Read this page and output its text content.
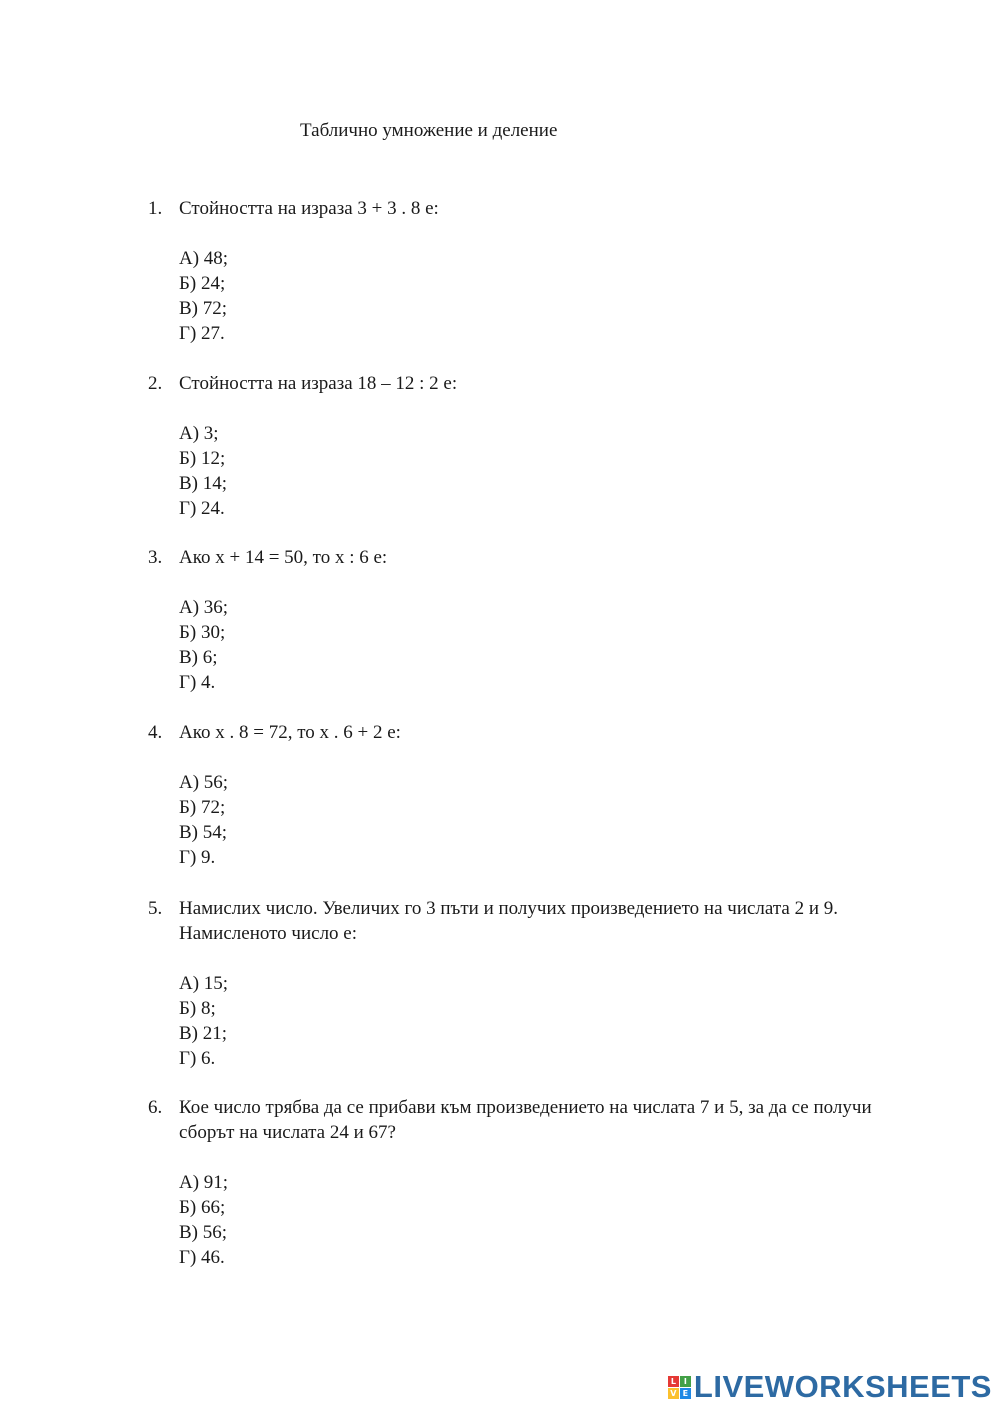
Таблично умножение и деление
1. Стойността на израза 3 + 3 . 8 е:
А) 48;
Б) 24;
В) 72;
Г) 27.
2. Стойността на израза 18 – 12 : 2 е:
А) 3;
Б) 12;
В) 14;
Г) 24.
3. Ако х + 14 = 50, то х : 6 е:
А) 36;
Б) 30;
В) 6;
Г) 4.
4. Ако х . 8 = 72, то х . 6 + 2 е:
А) 56;
Б) 72;
В) 54;
Г) 9.
5. Намислих число. Увеличих го 3 пъти и получих произведението на числата 2 и 9. Намисленото число е:
А) 15;
Б) 8;
В) 21;
Г) 6.
6. Кое число трябва да се прибави към произведението на числата 7 и 5, за да се получи сборът на числата 24 и 67?
А) 91;
Б) 66;
В) 56;
Г) 46.
L I
V E LIVEWORKSHEETS
